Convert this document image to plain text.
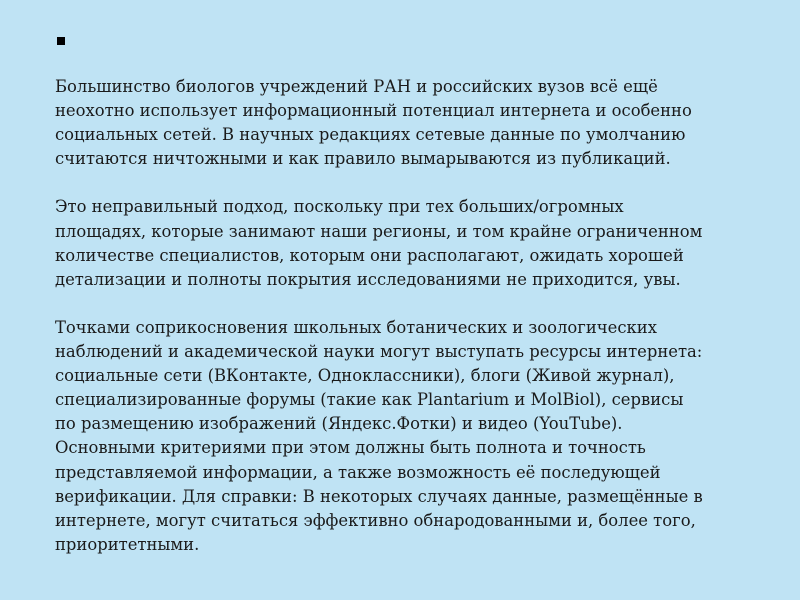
Большинство биологов учреждений РАН и российских вузов всё ещё
неохотно использует информационный потенциал интернета и особенно
социальных сетей. В научных редакциях сетевые данные по умолчанию
считаются ничтожными и как правило вымарываются из публикаций.

Это неправильный подход, поскольку при тех больших/огромных
площадях, которые занимают наши регионы, и том крайне ограниченном
количестве специалистов, которым они располагают, ожидать хорошей
детализации и полноты покрытия исследованиями не приходится, увы.

Точками соприкосновения школьных ботанических и зоологических
наблюдений и академической науки могут выступать ресурсы интернета:
социальные сети (ВКонтакте, Одноклассники), блоги (Живой журнал),
специализированные форумы (такие как Plantarium и MolBiol), сервисы
по размещению изображений (Яндекс.Фотки) и видео (YouTube).
Основными критериями при этом должны быть полнота и точность
представляемой информации, а также возможность её последующей
верификации. Для справки: В некоторых случаях данные, размещённые в
интернете, могут считаться эффективно обнародованными и, более того,
приоритетными.
